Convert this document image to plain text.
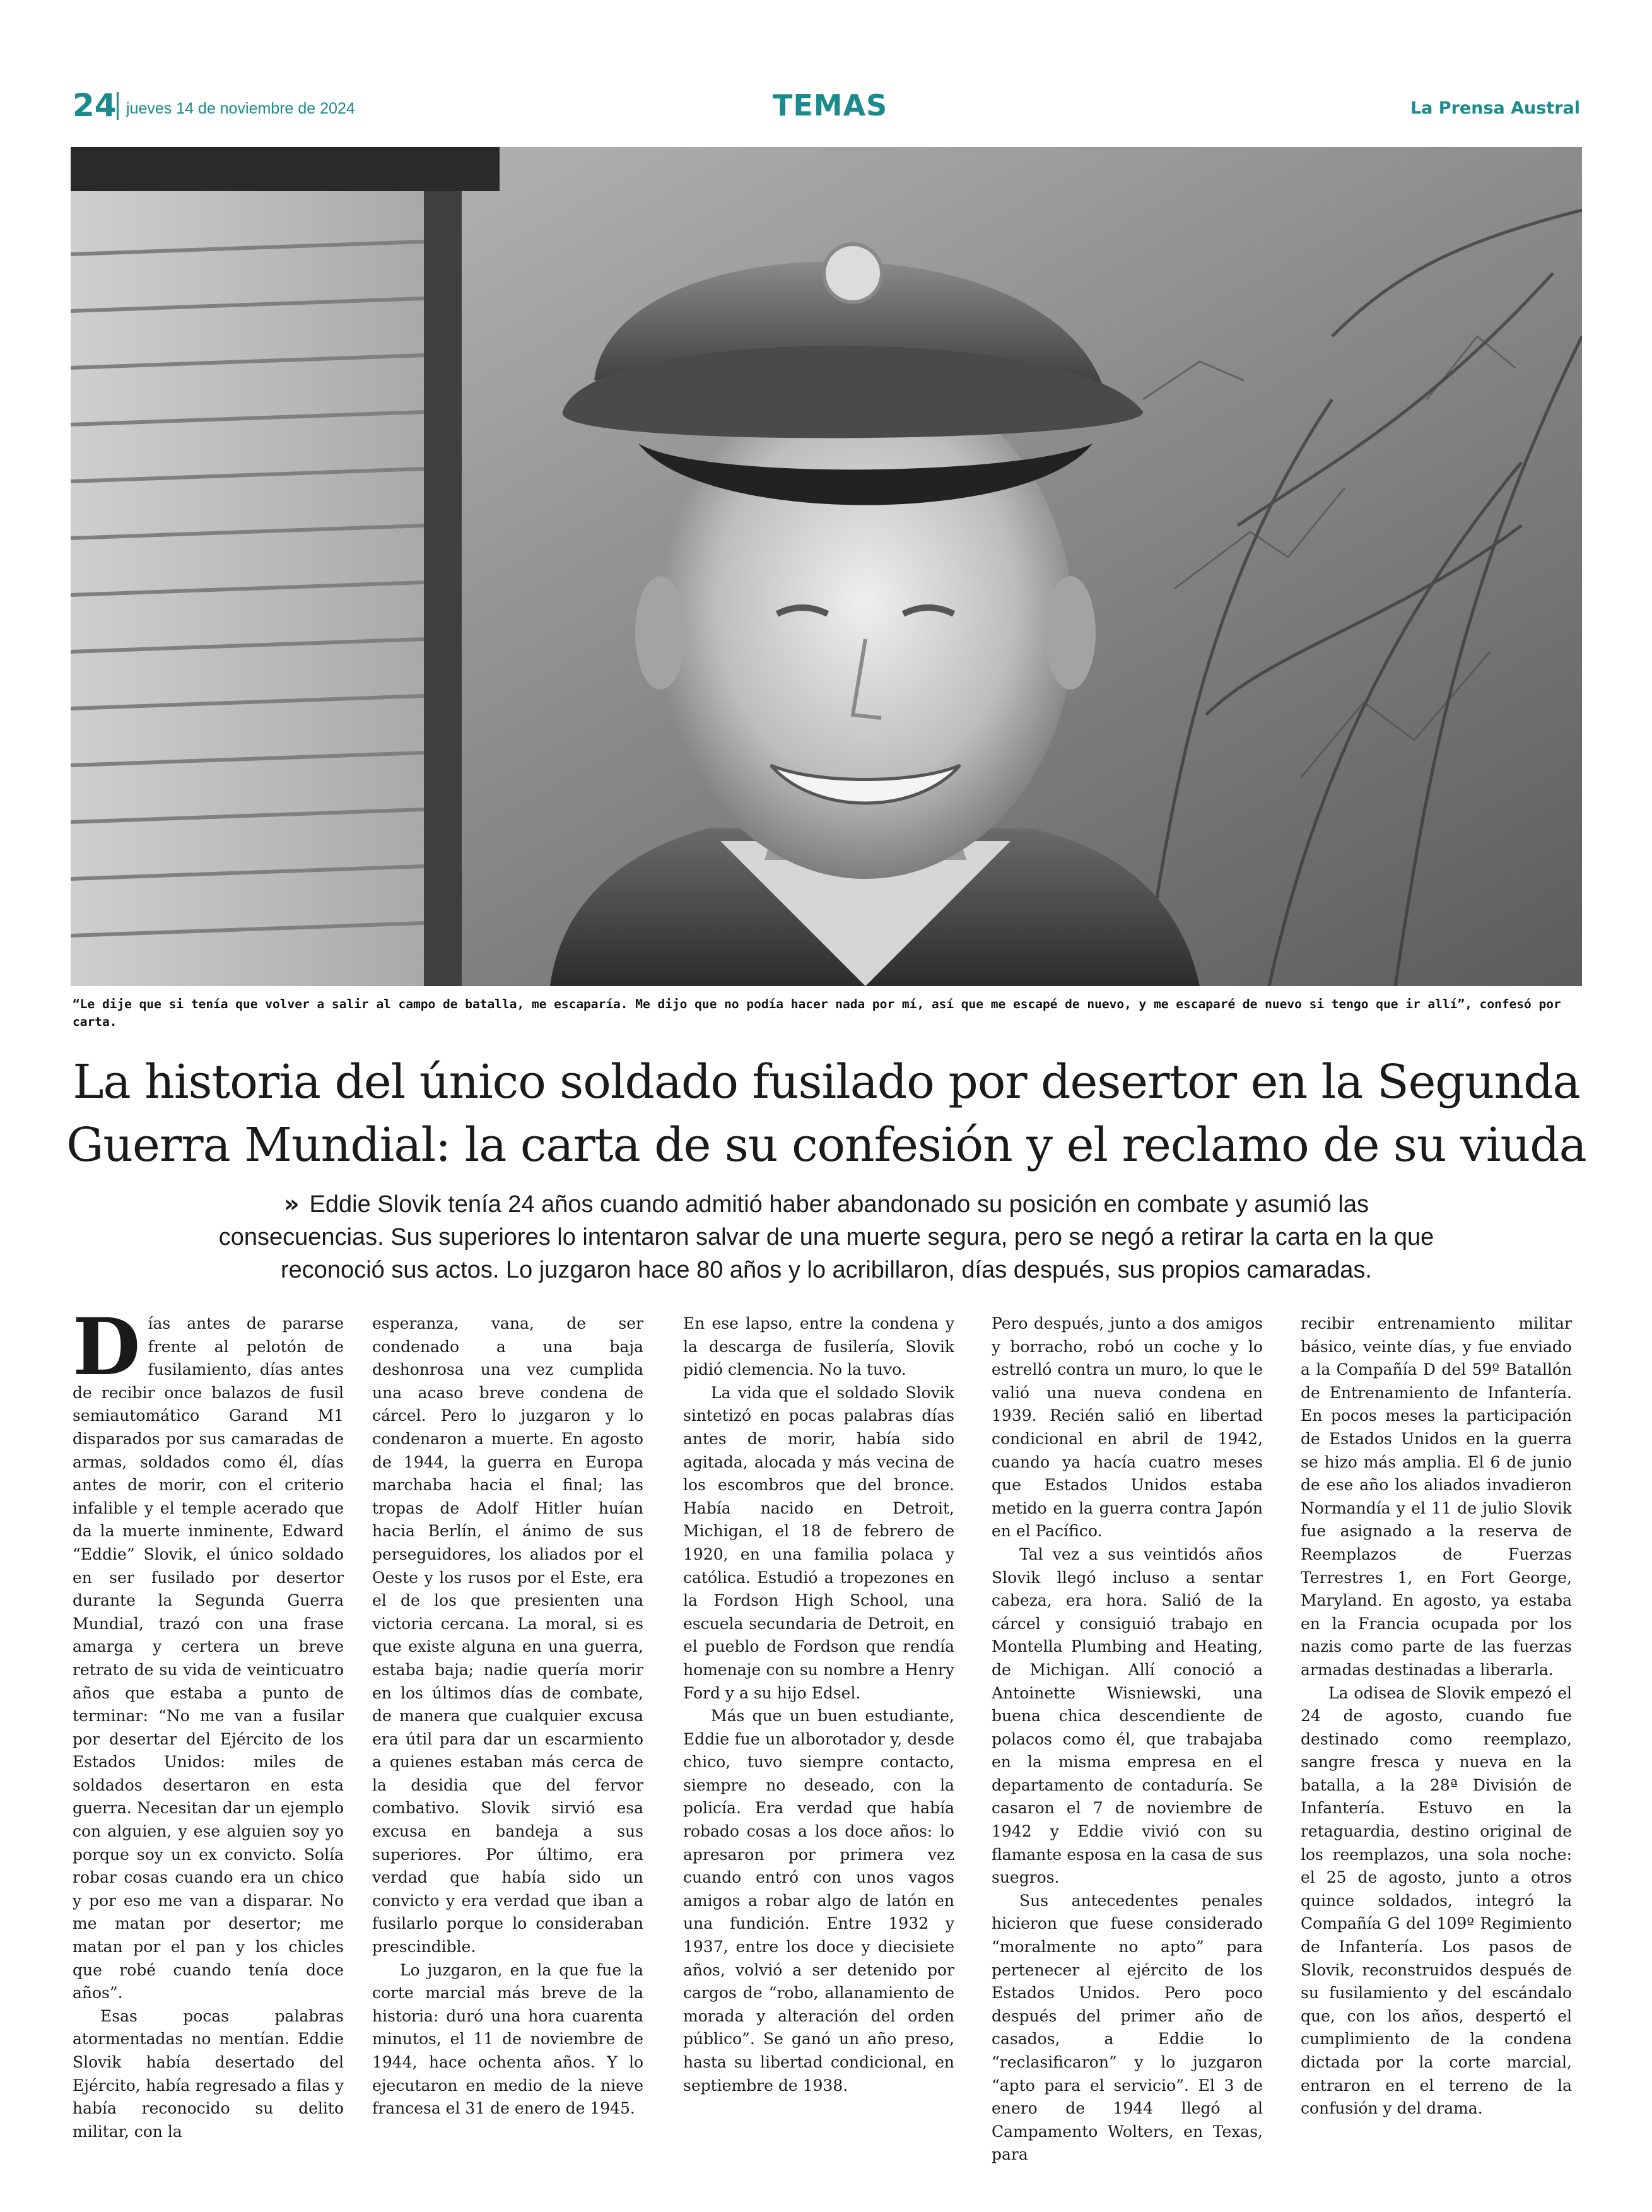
24 jueves 14 de noviembre de 2024	TEMAS	La Prensa Austral
“Le dije que si tenía que volver a salir al campo de batalla, me escaparía. Me dijo que no podía hacer nada por mí, así que me escapé de nuevo, y me escaparé de nuevo si tengo que ir allí”, confesó por carta.
La historia del único soldado fusilado por desertor en la Segunda
Guerra Mundial: la carta de su confesión y el reclamo de su viuda
» Eddie Slovik tenía 24 años cuando admitió haber abandonado su posición en combate y asumió las consecuencias. Sus superiores lo intentaron salvar de una muerte segura, pero se negó a retirar la carta en la que reconoció sus actos. Lo juzgaron hace 80 años y lo acribillaron, días después, sus propios camaradas.

Días antes de pararse frente al pelotón de fusilamiento, días antes de recibir once balazos de fusil semiautomático Garand M1 disparados por sus camaradas de armas, soldados como él, días antes de morir, con el criterio infalible y el temple acerado que da la muerte inminente, Edward “Eddie” Slovik, el único soldado en ser fusilado por desertor durante la Segunda Guerra Mundial, trazó con una frase amarga y certera un breve retrato de su vida de veinticuatro años que estaba a punto de terminar: “No me van a fusilar por desertar del Ejército de los Estados Unidos: miles de soldados desertaron en esta guerra. Necesitan dar un ejemplo con alguien, y ese alguien soy yo porque soy un ex convicto. Solía robar cosas cuando era un chico y por eso me van a disparar. No me matan por desertor; me matan por el pan y los chicles que robé cuando tenía doce años”.

Esas pocas palabras atormentadas no mentían. Eddie Slovik había desertado del Ejército, había regresado a filas y había reconocido su delito militar, con la

esperanza, vana, de ser condenado a una baja deshonrosa una vez cumplida una acaso breve condena de cárcel. Pero lo juzgaron y lo condenaron a muerte. En agosto de 1944, la guerra en Europa marchaba hacia el final; las tropas de Adolf Hitler huían hacia Berlín, el ánimo de sus perseguidores, los aliados por el Oeste y los rusos por el Este, era el de los que presienten una victoria cercana. La moral, si es que existe alguna en una guerra, estaba baja; nadie quería morir en los últimos días de combate, de manera que cualquier excusa era útil para dar un escarmiento a quienes estaban más cerca de la desidia que del fervor combativo. Slovik sirvió esa excusa en bandeja a sus superiores. Por último, era verdad que había sido un convicto y era verdad que iban a fusilarlo porque lo consideraban prescindible.

Lo juzgaron, en la que fue la corte marcial más breve de la historia: duró una hora cuarenta minutos, el 11 de noviembre de 1944, hace ochenta años. Y lo ejecutaron en medio de la nieve francesa el 31 de enero de 1945.

En ese lapso, entre la condena y la descarga de fusilería, Slovik pidió clemencia. No la tuvo.

La vida que el soldado Slovik sintetizó en pocas palabras días antes de morir, había sido agitada, alocada y más vecina de los escombros que del bronce. Había nacido en Detroit, Michigan, el 18 de febrero de 1920, en una familia polaca y católica. Estudió a tropezones en la Fordson High School, una escuela secundaria de Detroit, en el pueblo de Fordson que rendía homenaje con su nombre a Henry Ford y a su hijo Edsel.

Más que un buen estudiante, Eddie fue un alborotador y, desde chico, tuvo siempre contacto, siempre no deseado, con la policía. Era verdad que había robado cosas a los doce años: lo apresaron por primera vez cuando entró con unos vagos amigos a robar algo de latón en una fundición. Entre 1932 y 1937, entre los doce y diecisiete años, volvió a ser detenido por cargos de “robo, allanamiento de morada y alteración del orden público”. Se ganó un año preso, hasta su libertad condicional, en septiembre de 1938.

Pero después, junto a dos amigos y borracho, robó un coche y lo estrelló contra un muro, lo que le valió una nueva condena en 1939. Recién salió en libertad condicional en abril de 1942, cuando ya hacía cuatro meses que Estados Unidos estaba metido en la guerra contra Japón en el Pacífico.

Tal vez a sus veintidós años Slovik llegó incluso a sentar cabeza, era hora. Salió de la cárcel y consiguió trabajo en Montella Plumbing and Heating, de Michigan. Allí conoció a Antoinette Wisniewski, una buena chica descendiente de polacos como él, que trabajaba en la misma empresa en el departamento de contaduría. Se casaron el 7 de noviembre de 1942 y Eddie vivió con su flamante esposa en la casa de sus suegros.

Sus antecedentes penales hicieron que fuese considerado “moralmente no apto” para pertenecer al ejército de los Estados Unidos. Pero poco después del primer año de casados, a Eddie lo “reclasificaron” y lo juzgaron “apto para el servicio”. El 3 de enero de 1944 llegó al Campamento Wolters, en Texas, para

recibir entrenamiento militar básico, veinte días, y fue enviado a la Compañía D del 59º Batallón de Entrenamiento de Infantería. En pocos meses la participación de Estados Unidos en la guerra se hizo más amplia. El 6 de junio de ese año los aliados invadieron Normandía y el 11 de julio Slovik fue asignado a la reserva de Reemplazos de Fuerzas Terrestres 1, en Fort George, Maryland. En agosto, ya estaba en la Francia ocupada por los nazis como parte de las fuerzas armadas destinadas a liberarla.

La odisea de Slovik empezó el 24 de agosto, cuando fue destinado como reemplazo, sangre fresca y nueva en la batalla, a la 28ª División de Infantería. Estuvo en la retaguardia, destino original de los reemplazos, una sola noche: el 25 de agosto, junto a otros quince soldados, integró la Compañía G del 109º Regimiento de Infantería. Los pasos de Slovik, reconstruidos después de su fusilamiento y del escándalo que, con los años, despertó el cumplimiento de la condena dictada por la corte marcial, entraron en el terreno de la confusión y del drama.
